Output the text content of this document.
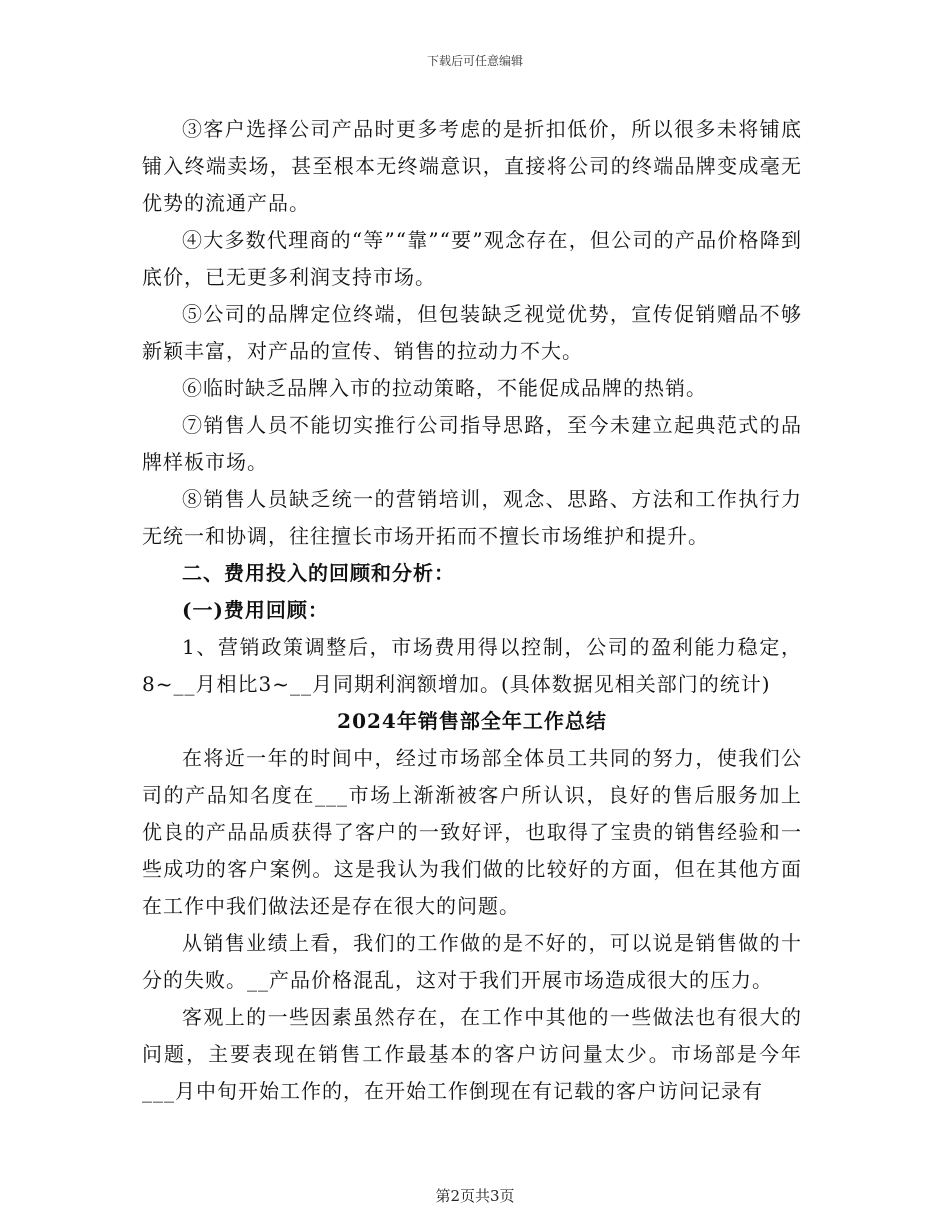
下载后可任意编辑

③客户选择公司产品时更多考虑的是折扣低价，所以很多未将铺底铺入终端卖场，甚至根本无终端意识，直接将公司的终端品牌变成毫无优势的流通产品。

④大多数代理商的“等”“靠”“要”观念存在，但公司的产品价格降到底价，已无更多利润支持市场。

⑤公司的品牌定位终端，但包装缺乏视觉优势，宣传促销赠品不够新颖丰富，对产品的宣传、销售的拉动力不大。

⑥临时缺乏品牌入市的拉动策略，不能促成品牌的热销。

⑦销售人员不能切实推行公司指导思路，至今未建立起典范式的品牌样板市场。

⑧销售人员缺乏统一的营销培训，观念、思路、方法和工作执行力无统一和协调，往往擅长市场开拓而不擅长市场维护和提升。

二、费用投入的回顾和分析：

(一)费用回顾：

1、营销政策调整后，市场费用得以控制，公司的盈利能力稳定，8~__月相比3~__月同期利润额增加。(具体数据见相关部门的统计)

2024年销售部全年工作总结

在将近一年的时间中，经过市场部全体员工共同的努力，使我们公司的产品知名度在___市场上渐渐被客户所认识，良好的售后服务加上优良的产品品质获得了客户的一致好评，也取得了宝贵的销售经验和一些成功的客户案例。这是我认为我们做的比较好的方面，但在其他方面在工作中我们做法还是存在很大的问题。

从销售业绩上看，我们的工作做的是不好的，可以说是销售做的十分的失败。__产品价格混乱，这对于我们开展市场造成很大的压力。

客观上的一些因素虽然存在，在工作中其他的一些做法也有很大的问题，主要表现在销售工作最基本的客户访问量太少。市场部是今年___月中旬开始工作的，在开始工作倒现在有记载的客户访问记录有

第2页共3页
